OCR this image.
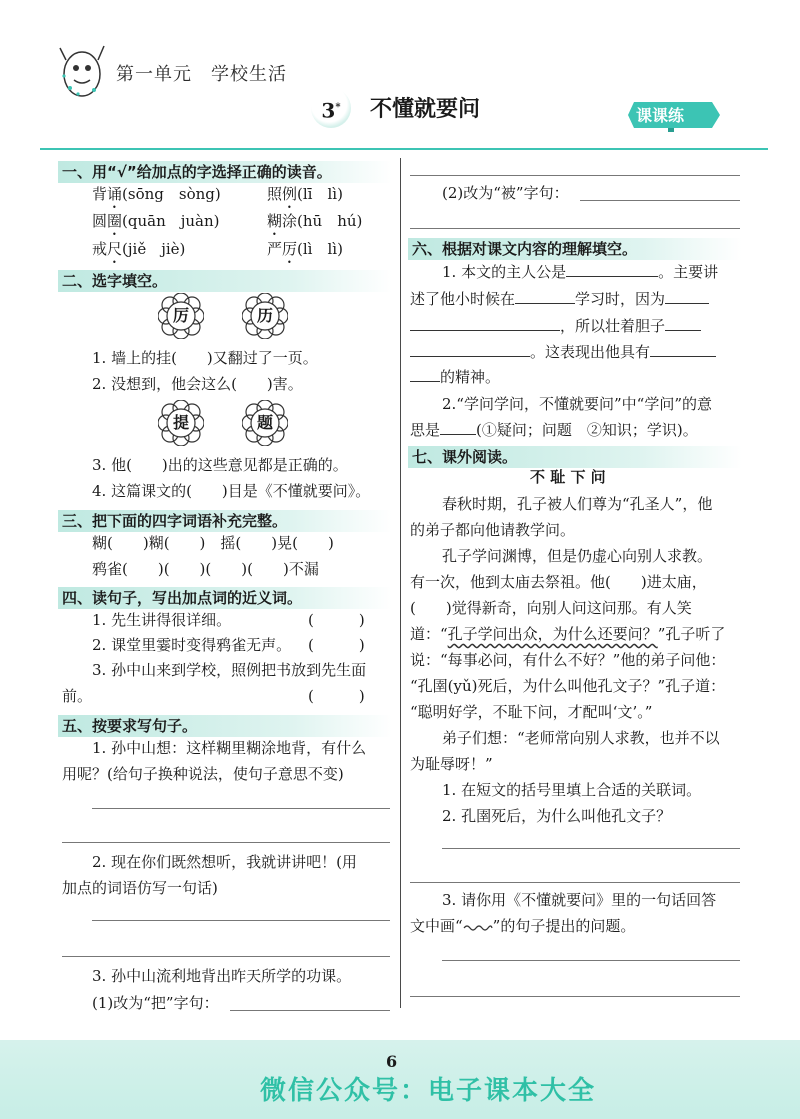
第一单元　学校生活
3*	不懂就要问	课课练
一、用“√”给加点的字选择正确的读音。
背诵(sōng　sòng)	照例(lī　lì)
圆圈(quān　juàn)	糊涂(hū　hú)
戒尺(jiě　jiè)	严厉(lì　lì)
二、选字填空。
厉	历
1. 墙上的挂(　　)又翻过了一页。
2. 没想到，他会这么(　　)害。
提	题
3. 他(　　)出的这些意见都是正确的。
4. 这篇课文的(　　)目是《不懂就要问》。
三、把下面的四字词语补充完整。
糊(　　)糊(　　)　摇(　　)晃(　　)
鸦雀(　　)(　　)(　　)(　　)不漏
四、读句子，写出加点词的近义词。
1. 先生讲得很详细。	(　　　)
2. 课堂里霎时变得鸦雀无声。 (　　　)
3. 孙中山来到学校，照例把书放到先生面
前。	(　　　)
五、按要求写句子。
1. 孙中山想：这样糊里糊涂地背，有什么
用呢？(给句子换种说法，使句子意思不变)
2. 现在你们既然想听，我就讲讲吧！(用
加点的词语仿写一句话)
3. 孙中山流利地背出昨天所学的功课。
(1)改为“把”字句：
(2)改为“被”字句：
六、根据对课文内容的理解填空。
1. 本文的主人公是	。主要讲
述了他小时候在	学习时，因为
，所以壮着胆子
。这表现出他具有
的精神。
2.“学问学问，不懂就要问”中“学问”的意
思是 (①疑问；问题　②知识；学识)。
七、课外阅读。
不 耻 下 问
春秋时期，孔子被人们尊为“孔圣人”，他
的弟子都向他请教学问。
孔子学问渊博，但是仍虚心向别人求教。
有一次，他到太庙去祭祖。他(　　)进太庙，
(　　)觉得新奇，向别人问这问那。有人笑
道：“孔子学问出众，为什么还要问？”孔子听了
说：“每事必问，有什么不好？”他的弟子问他：
“孔圉(yǔ)死后，为什么叫他孔文子？”孔子道：
“聪明好学，不耻下问，才配叫‘文’。”
弟子们想：“老师常向别人求教，也并不以
为耻辱呀！”
1. 在短文的括号里填上合适的关联词。
2. 孔圉死后，为什么叫他孔文子？
3. 请你用《不懂就要问》里的一句话回答
文中画“ ”的句子提出的问题。
6
微信公众号：电子课本大全
